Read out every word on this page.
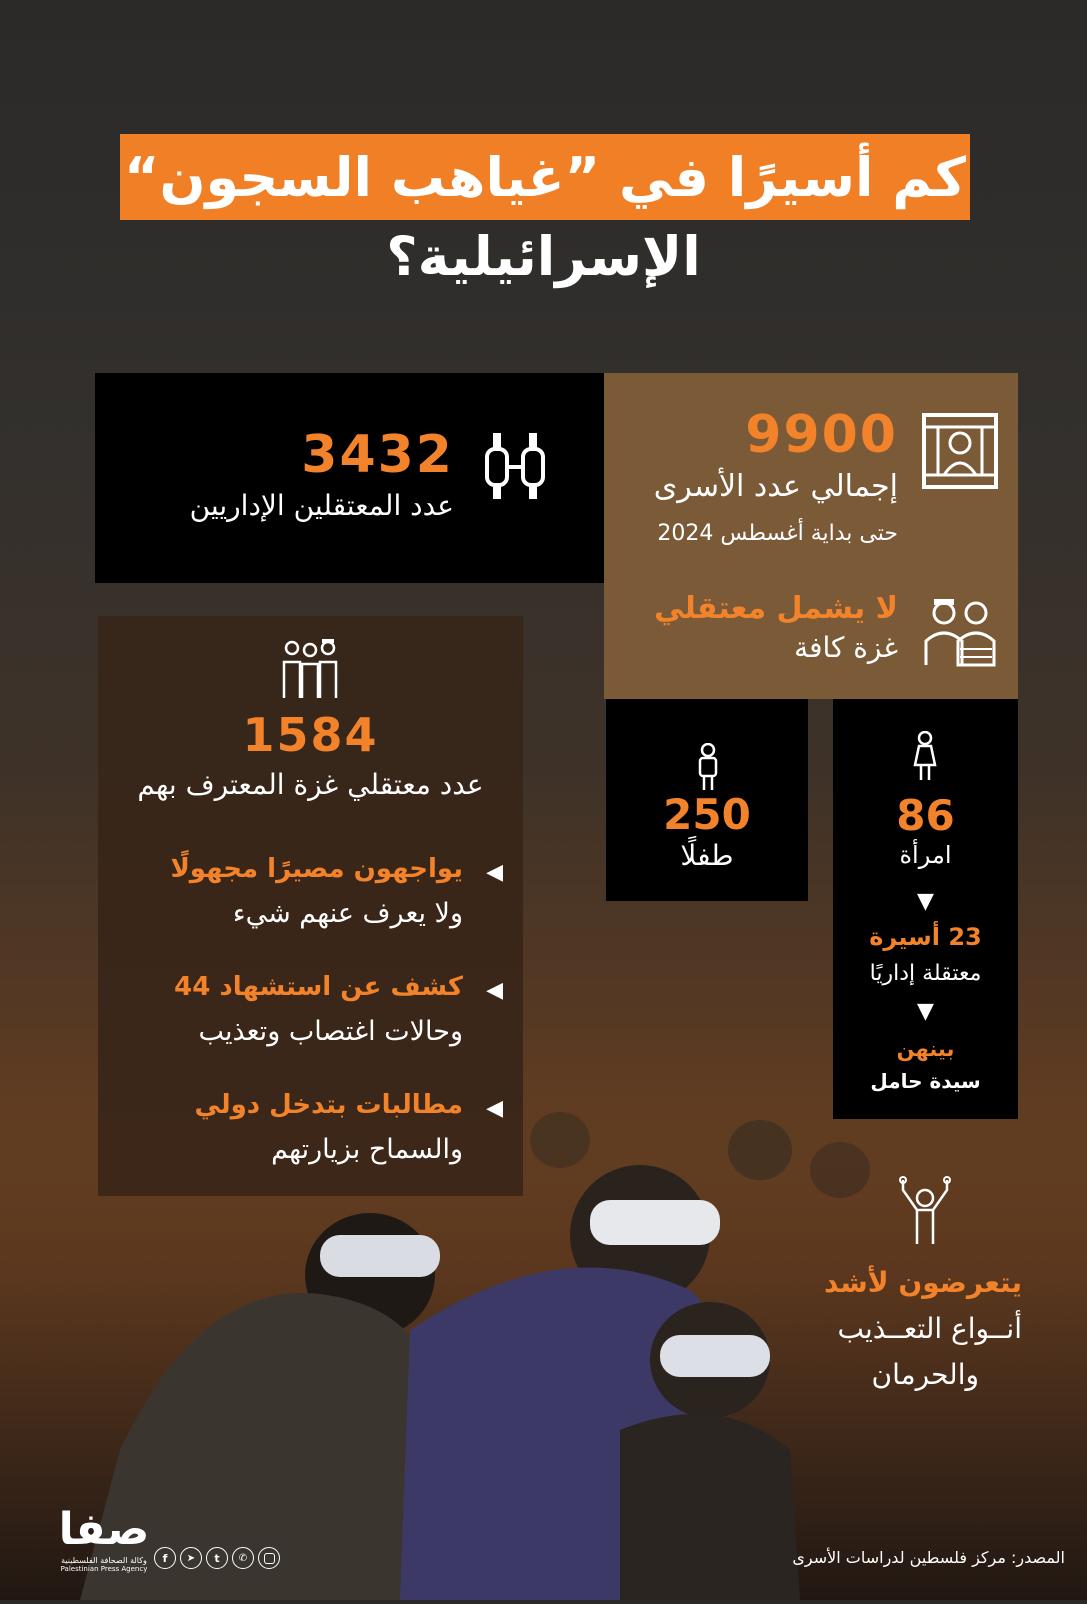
كم أسيرًا في ”غياهب السجون“
الإسرائيلية؟
9900
إجمالي عدد الأسرى
حتى بداية أغسطس 2024
لا يشمل معتقلي
غزة كافة
3432
عدد المعتقلين الإداريين
250
طفلًا
86
امرأة
▼
23 أسيرة
معتقلة إداريًا
▼
بينهن
سيدة حامل
1584
عدد معتقلي غزة المعترف بهم
◀
يواجهون مصيرًا مجهولًا
ولا يعرف عنهم شيء
◀
كشف عن استشهاد 44
وحالات اغتصاب وتعذيب
◀
مطالبات بتدخل دولي
والسماح بزيارتهم
يتعرضون لأشد
أنــواع التعــذيب
والحرمان
المصدر: مركز فلسطين لدراسات الأسرى
صفا
وكالة الصحافة الفلسطينية
Palestinian Press Agency
f	➤	t	✆
